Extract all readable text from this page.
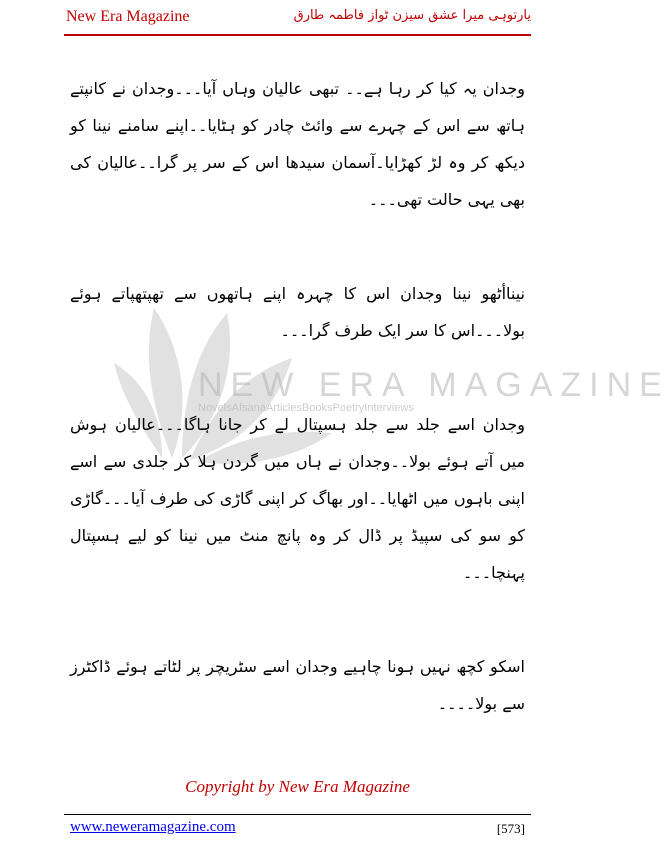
New Era Magazine	یارتوہی میرا عشق سیزن ٹواز فاطمہ طارق
NEW ERA MAGAZINE
NovelsAfsanaArticlesBooksPoetryInterviews

وجدان یہ کیا کر رہا ہے۔۔ تبھی عالیان وہاں آیا۔۔۔وجدان نے کانپتے ہاتھ سے اس کے چہرے سے وائٹ چادر کو ہٹایا۔۔اپنے سامنے نینا کو دیکھ کر وہ لڑ کھڑایا۔آسمان سیدھا اس کے سر پر گرا۔۔عالیان کی بھی یہی حالت تھی۔۔۔

نیناأٹھو نینا وجدان اس کا چہرہ اپنے ہاتھوں سے تھپتھپاتے ہوئے بولا۔۔۔اس کا سر ایک طرف گرا۔۔۔

وجدان اسے جلد سے جلد ہسپتال لے کر جانا ہاگا۔۔۔عالیان ہوش میں آتے ہوئے بولا۔۔وجدان نے ہاں میں گردن ہلا کر جلدی سے اسے اپنی باہوں میں اٹھایا۔۔اور بھاگ کر اپنی گاڑی کی طرف آیا۔۔۔گاڑی کو سو کی سپیڈ پر ڈال کر وہ پانچ منٹ میں نینا کو لیے ہسپتال پہنچا۔۔۔

اسکو کچھ نہیں ہونا چاہیے وجدان اسے سٹریچر پر لٹاتے ہوئے ڈاکٹرز سے بولا۔۔۔۔

Copyright by New Era Magazine
www.neweramagazine.com	[573]
